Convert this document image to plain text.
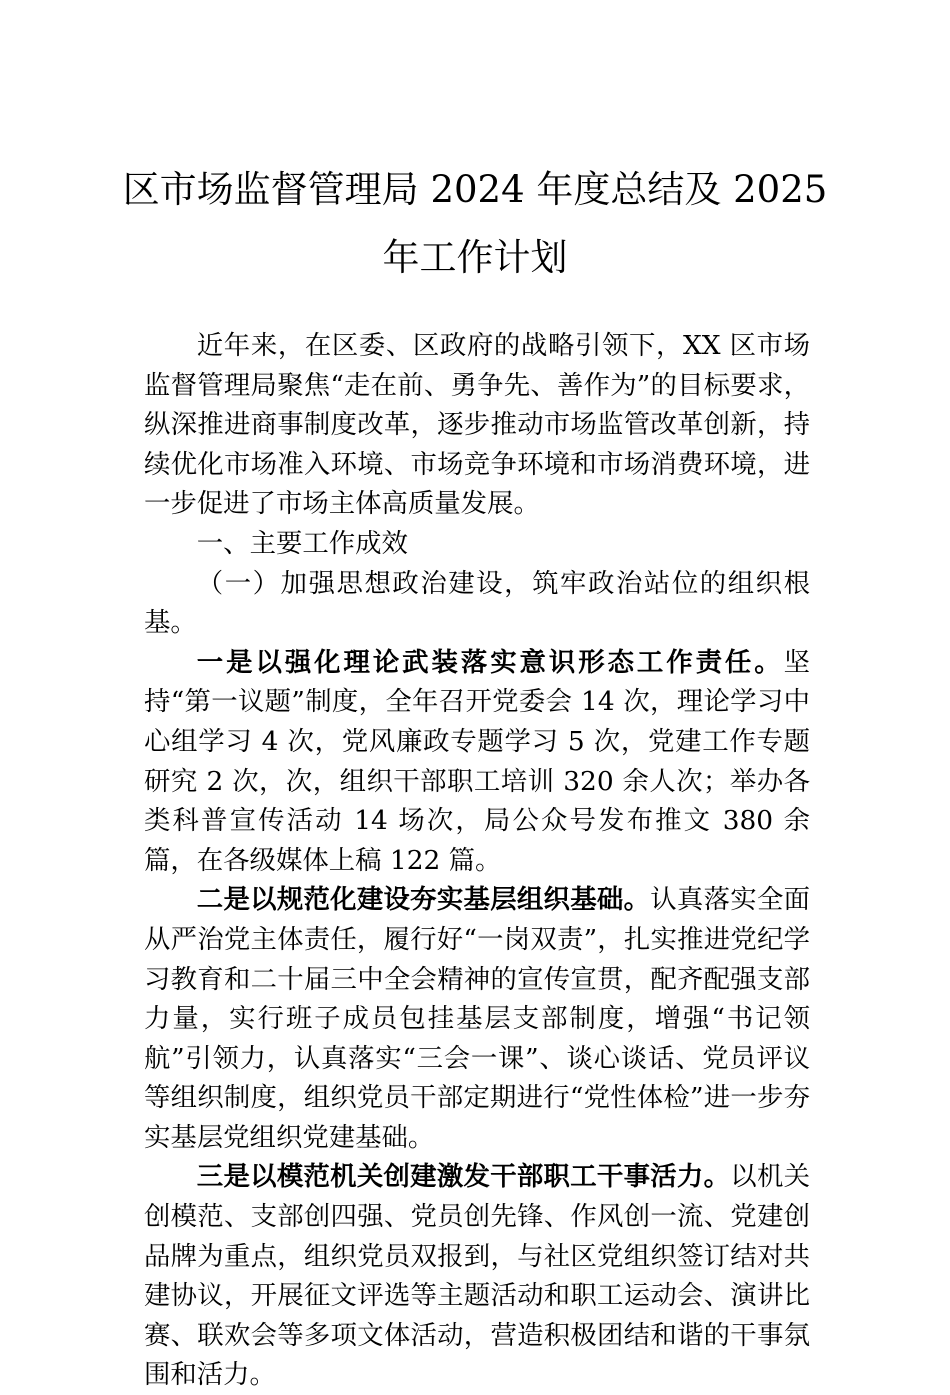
区市场监督管理局 2024 年度总结及 2025
年工作计划

近年来，在区委、区政府的战略引领下，XX 区市场监督管理局聚焦“走在前、勇争先、善作为”的目标要求，纵深推进商事制度改革，逐步推动市场监管改革创新，持续优化市场准入环境、市场竞争环境和市场消费环境，进一步促进了市场主体高质量发展。

一、主要工作成效

（一）加强思想政治建设，筑牢政治站位的组织根基。

一是以强化理论武装落实意识形态工作责任。坚持“第一议题”制度，全年召开党委会 14 次，理论学习中心组学习 4 次，党风廉政专题学习 5 次，党建工作专题研究 2 次，次，组织干部职工培训 320 余人次；举办各类科普宣传活动 14 场次，局公众号发布推文 380 余篇，在各级媒体上稿 122 篇。

二是以规范化建设夯实基层组织基础。认真落实全面从严治党主体责任，履行好“一岗双责”，扎实推进党纪学习教育和二十届三中全会精神的宣传宣贯，配齐配强支部力量，实行班子成员包挂基层支部制度，增强“书记领航”引领力，认真落实“三会一课”、谈心谈话、党员评议等组织制度，组织党员干部定期进行“党性体检”进一步夯实基层党组织党建基础。

三是以模范机关创建激发干部职工干事活力。以机关创模范、支部创四强、党员创先锋、作风创一流、党建创品牌为重点，组织党员双报到，与社区党组织签订结对共建协议，开展征文评选等主题活动和职工运动会、演讲比赛、联欢会等多项文体活动，营造积极团结和谐的干事氛围和活力。
